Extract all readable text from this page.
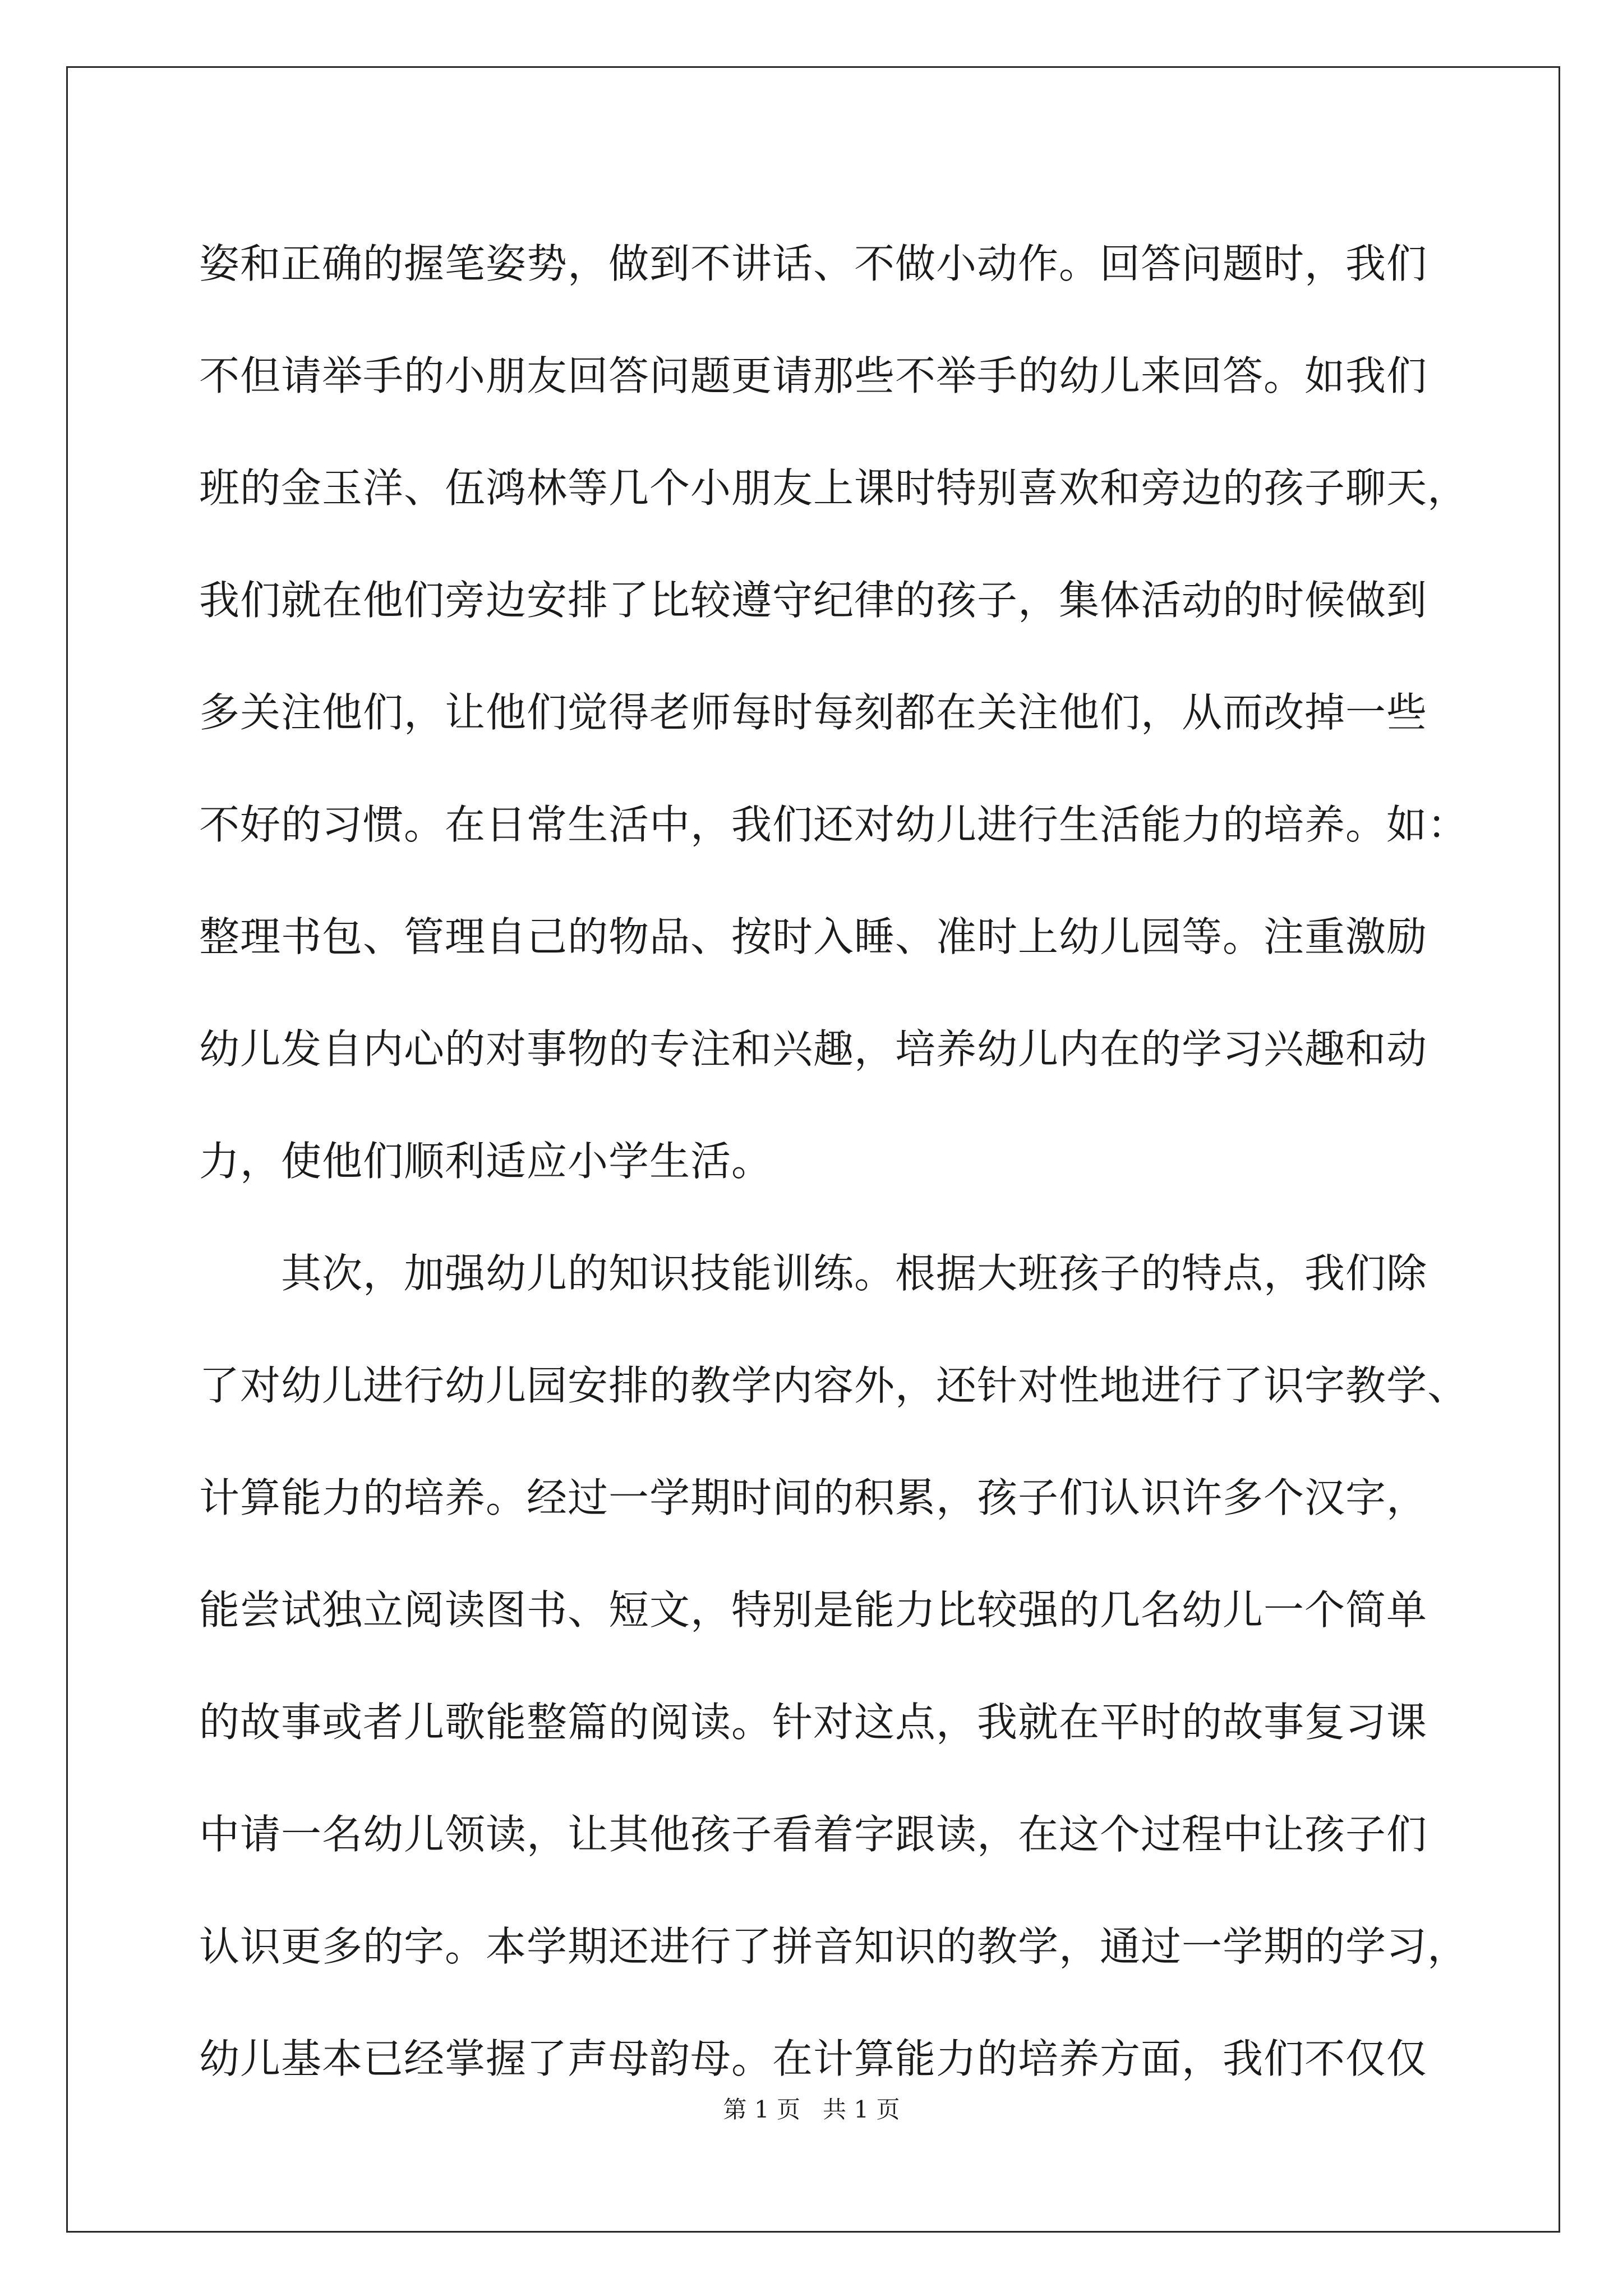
姿和正确的握笔姿势，做到不讲话、不做小动作。回答问题时，我们
不但请举手的小朋友回答问题更请那些不举手的幼儿来回答。如我们
班的金玉洋、伍鸿林等几个小朋友上课时特别喜欢和旁边的孩子聊天，
我们就在他们旁边安排了比较遵守纪律的孩子，集体活动的时候做到
多关注他们，让他们觉得老师每时每刻都在关注他们，从而改掉一些
不好的习惯。在日常生活中，我们还对幼儿进行生活能力的培养。如：
整理书包、管理自己的物品、按时入睡、准时上幼儿园等。注重激励
幼儿发自内心的对事物的专注和兴趣，培养幼儿内在的学习兴趣和动
力，使他们顺利适应小学生活。
其次，加强幼儿的知识技能训练。根据大班孩子的特点，我们除
了对幼儿进行幼儿园安排的教学内容外，还针对性地进行了识字教学、
计算能力的培养。经过一学期时间的积累，孩子们认识许多个汉字，
能尝试独立阅读图书、短文，特别是能力比较强的几名幼儿一个简单
的故事或者儿歌能整篇的阅读。针对这点，我就在平时的故事复习课
中请一名幼儿领读，让其他孩子看着字跟读，在这个过程中让孩子们
认识更多的字。本学期还进行了拼音知识的教学，通过一学期的学习，
幼儿基本已经掌握了声母韵母。在计算能力的培养方面，我们不仅仅
第 1 页   共 1 页
